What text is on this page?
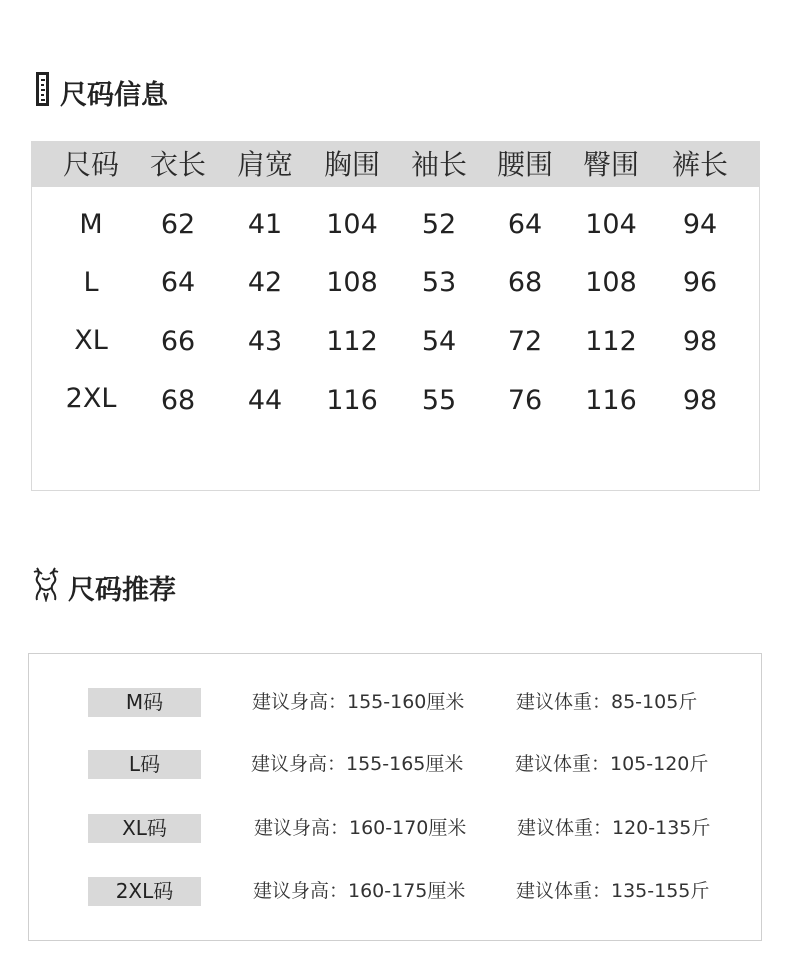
尺码信息
尺码 衣长 肩宽 胸围 袖长 腰围 臀围 裤长
M 62 41 104 52 64 104 94
L 64 42 108 53 68 108 96
XL 66 43 112 54 72 112 98
2XL 68 44 116 55 76 116 98
尺码推荐
M码	建议身高：155-160厘米	建议体重：85-105斤
L码	建议身高：155-165厘米	建议体重：105-120斤
XL码	建议身高：160-170厘米	建议体重：120-135斤
2XL码	建议身高：160-175厘米	建议体重：135-155斤
